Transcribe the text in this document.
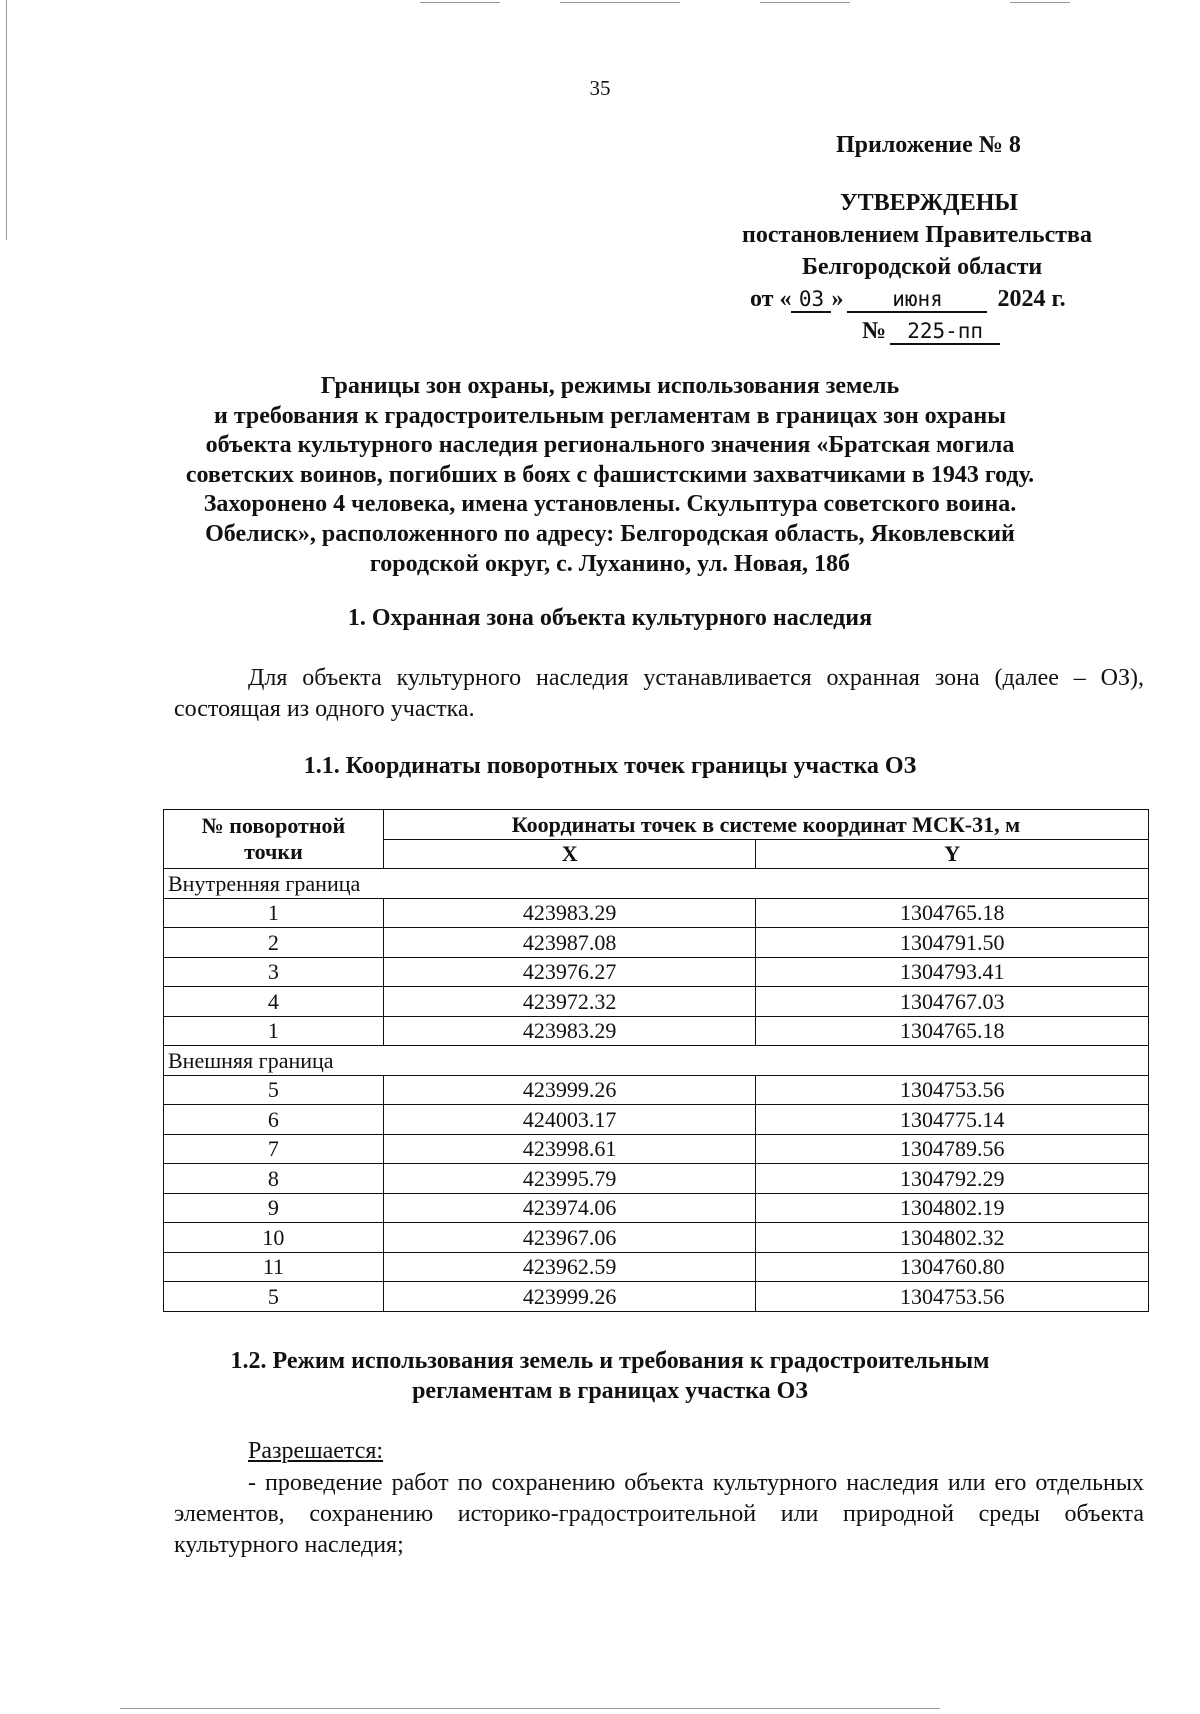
35
Приложение № 8
УТВЕРЖДЕНЫ
постановлением Правительства
Белгородской области
от « 03 » июня 2024 г.
№ 225-пп
Границы зон охраны, режимы использования земель
и требования к градостроительным регламентам в границах зон охраны
объекта культурного наследия регионального значения «Братская могила
советских воинов, погибших в боях с фашистскими захватчиками в 1943 году.
Захоронено 4 человека, имена установлены. Скульптура советского воина.
Обелиск», расположенного по адресу: Белгородская область, Яковлевский
городской округ, с. Луханино, ул. Новая, 18б
1. Охранная зона объекта культурного наследия
Для объекта культурного наследия устанавливается охранная зона (далее – ОЗ), состоящая из одного участка.
1.1. Координаты поворотных точек границы участка ОЗ
№ поворотной точки	Координаты точек в системе координат МСК-31, м	
	X	Y
Внутренняя граница		
1	423983.29	1304765.18
2	423987.08	1304791.50
3	423976.27	1304793.41
4	423972.32	1304767.03
1	423983.29	1304765.18
Внешняя граница		
5	423999.26	1304753.56
6	424003.17	1304775.14
7	423998.61	1304789.56
8	423995.79	1304792.29
9	423974.06	1304802.19
10	423967.06	1304802.32
11	423962.59	1304760.80
5	423999.26	1304753.56
1.2. Режим использования земель и требования к градостроительным
регламентам в границах участка ОЗ
Разрешается:
- проведение работ по сохранению объекта культурного наследия или его отдельных элементов, сохранению историко-градостроительной или природной среды объекта культурного наследия;
